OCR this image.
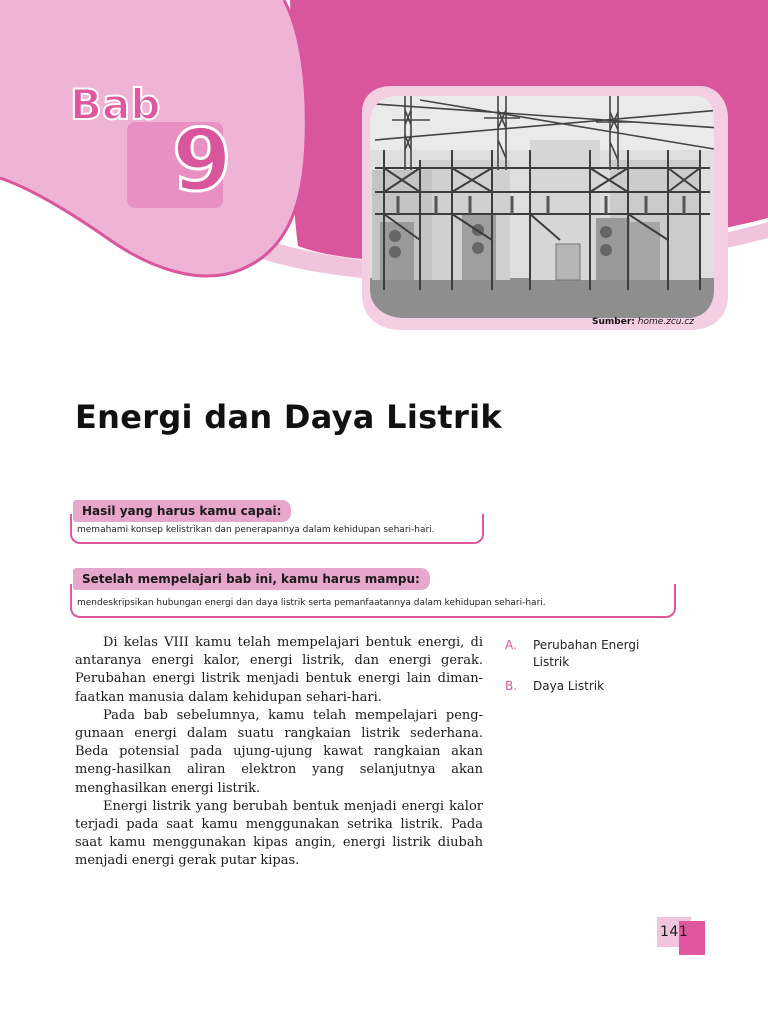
Bab
9
Sumber: home.zcu.cz
Energi dan Daya Listrik
Hasil yang harus kamu capai:
memahami konsep kelistrikan dan penerapannya dalam kehidupan sehari-hari.
Setelah mempelajari bab ini, kamu harus mampu:
mendeskripsikan hubungan energi dan daya listrik serta pemanfaatannya dalam kehidupan sehari-hari.

Di kelas VIII kamu telah mempelajari bentuk energi, di antaranya energi kalor, energi listrik, dan energi gerak. Perubahan energi listrik menjadi bentuk energi lain diman-faatkan manusia dalam kehidupan sehari-hari.

Pada bab sebelumnya, kamu telah mempelajari peng-gunaan energi dalam suatu rangkaian listrik sederhana. Beda potensial pada ujung-ujung kawat rangkaian akan meng-hasilkan aliran elektron yang selanjutnya akan menghasilkan energi listrik.

Energi listrik yang berubah bentuk menjadi energi kalor terjadi pada saat kamu menggunakan setrika listrik. Pada saat kamu menggunakan kipas angin, energi listrik diubah menjadi energi gerak putar kipas.

A.	Perubahan Energi Listrik
B.	Daya Listrik
141
